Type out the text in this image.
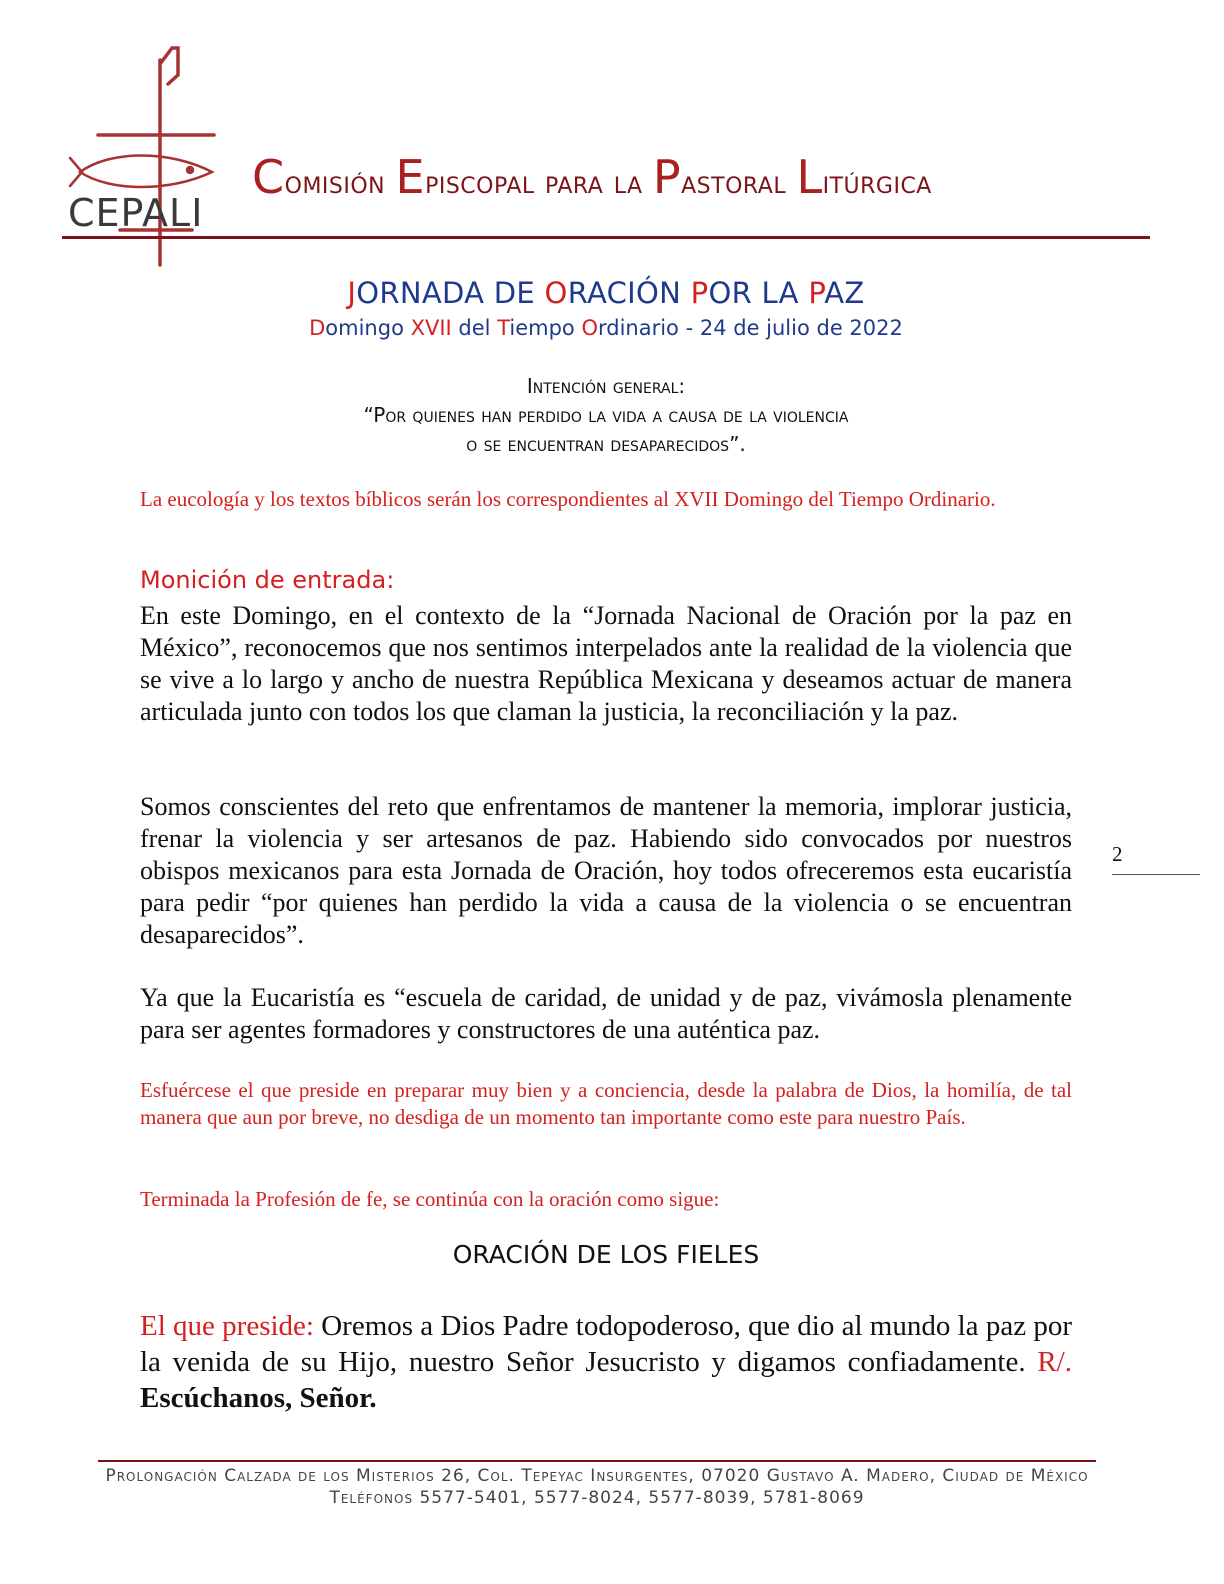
CEPALI
Comisión Episcopal para la Pastoral Litúrgica
JORNADA DE ORACIÓN POR LA PAZ
Domingo XVII del Tiempo Ordinario - 24 de julio de 2022
Intención general:
“Por quienes han perdido la vida a causa de la violencia
o se encuentran desaparecidos”.
La eucología y los textos bíblicos serán los correspondientes al XVII Domingo del Tiempo Ordinario.
Monición de entrada:
En este Domingo, en el contexto de la “Jornada Nacional de Oración por la paz en México”, reconocemos que nos sentimos interpelados ante la realidad de la violencia que se vive a lo largo y ancho de nuestra República Mexicana y deseamos actuar de manera articulada junto con todos los que claman la justicia, la reconciliación y la paz.
Somos conscientes del reto que enfrentamos de mantener la memoria, implorar justicia, frenar la violencia y ser artesanos de paz. Habiendo sido convocados por nuestros obispos mexicanos para esta Jornada de Oración, hoy todos ofreceremos esta eucaristía para pedir “por quienes han perdido la vida a causa de la violencia o se encuentran desaparecidos”.
Ya que la Eucaristía es “escuela de caridad, de unidad y de paz, vivámosla plenamente para ser agentes formadores y constructores de una auténtica paz.
Esfuércese el que preside en preparar muy bien y a conciencia, desde la palabra de Dios, la homilía, de tal manera que aun por breve, no desdiga de un momento tan importante como este para nuestro País.
Terminada la Profesión de fe, se continúa con la oración como sigue:
ORACIÓN DE LOS FIELES
El que preside: Oremos a Dios Padre todopoderoso, que dio al mundo la paz por la venida de su Hijo, nuestro Señor Jesucristo y digamos confiadamente. R/. Escúchanos, Señor.
2
Prolongación Calzada de los Misterios 26, Col. Tepeyac Insurgentes, 07020 Gustavo A. Madero, Ciudad de México
Teléfonos 5577-5401, 5577-8024, 5577-8039, 5781-8069
